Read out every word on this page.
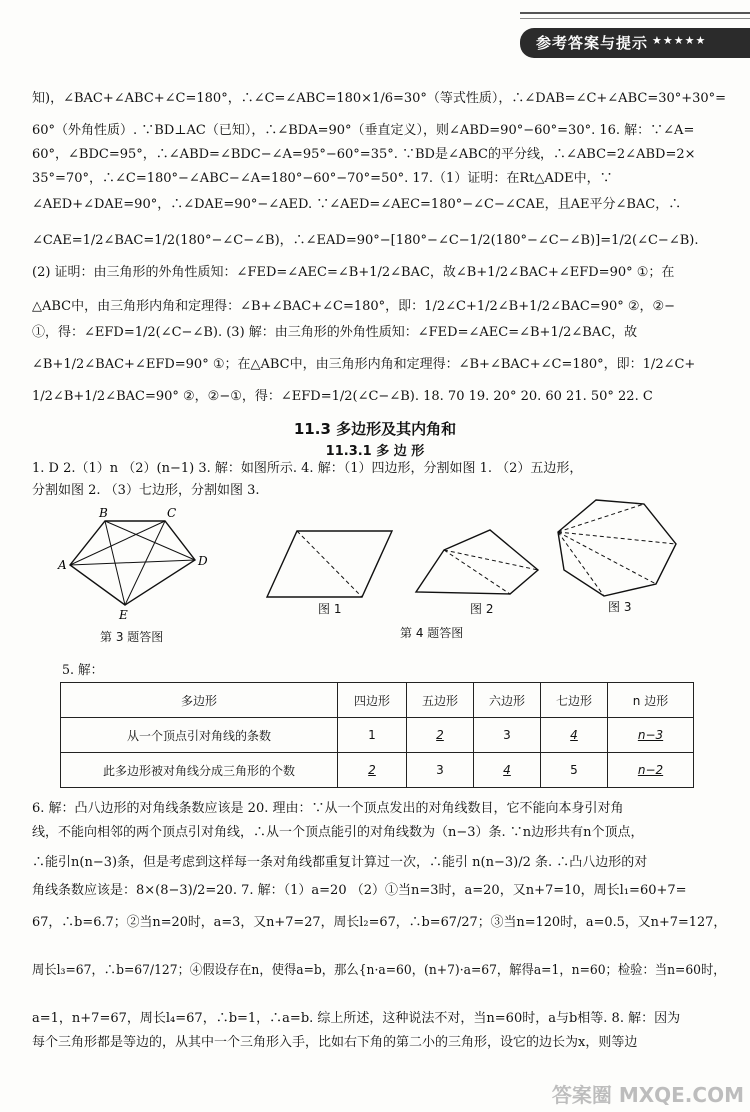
参考答案与提示 ★★★★★
知)，∠BAC+∠ABC+∠C=180°，∴∠C=∠ABC=180×1/6=30°（等式性质），∴∠DAB=∠C+∠ABC=30°+30°=
60°（外角性质）. ∵BD⊥AC（已知），∴∠BDA=90°（垂直定义），则∠ABD=90°−60°=30°. 16. 解：∵∠A=
60°，∠BDC=95°，∴∠ABD=∠BDC−∠A=95°−60°=35°. ∵BD是∠ABC的平分线，∴∠ABC=2∠ABD=2×
35°=70°，∴∠C=180°−∠ABC−∠A=180°−60°−70°=50°. 17.（1）证明：在Rt△ADE中，∵
∠AED+∠DAE=90°，∴∠DAE=90°−∠AED. ∵∠AED=∠AEC=180°−∠C−∠CAE，且AE平分∠BAC，∴
∠CAE=1/2∠BAC=1/2(180°−∠C−∠B)，∴∠EAD=90°−[180°−∠C−1/2(180°−∠C−∠B)]=1/2(∠C−∠B).
(2) 证明：由三角形的外角性质知：∠FED=∠AEC=∠B+1/2∠BAC，故∠B+1/2∠BAC+∠EFD=90° ①；在
△ABC中，由三角形内角和定理得：∠B+∠BAC+∠C=180°，即：1/2∠C+1/2∠B+1/2∠BAC=90° ②，②−
①，得：∠EFD=1/2(∠C−∠B). (3) 解：由三角形的外角性质知：∠FED=∠AEC=∠B+1/2∠BAC，故
∠B+1/2∠BAC+∠EFD=90° ①；在△ABC中，由三角形内角和定理得：∠B+∠BAC+∠C=180°，即：1/2∠C+
1/2∠B+1/2∠BAC=90° ②，②−①，得：∠EFD=1/2(∠C−∠B). 18. 70 19. 20° 20. 60 21. 50° 22. C
11.3 多边形及其内角和
11.3.1 多 边 形
1. D 2.（1）n （2）(n−1) 3. 解：如图所示. 4. 解：（1）四边形，分割如图 1. （2）五边形，
分割如图 2. （3）七边形，分割如图 3.
A
B	C
D
E	图 1	图 2	图 3
第 3 题答图	第 4 题答图
5. 解：
多边形	四边形	五边形	六边形	七边形	n 边形
从一个顶点引对角线的条数	1	2	3	4	n−3
此多边形被对角线分成三角形的个数	2	3	4	5	n−2
6. 解：凸八边形的对角线条数应该是 20. 理由：∵从一个顶点发出的对角线数目，它不能向本身引对角
线，不能向相邻的两个顶点引对角线，∴从一个顶点能引的对角线数为（n−3）条. ∵n边形共有n个顶点，
∴能引n(n−3)条，但是考虑到这样每一条对角线都重复计算过一次，∴能引 n(n−3)/2 条. ∴凸八边形的对
角线条数应该是：8×(8−3)/2=20. 7. 解：（1）a=20 （2）①当n=3时，a=20，又n+7=10，周长l₁=60+7=
67，∴b=6.7；②当n=20时，a=3，又n+7=27，周长l₂=67，∴b=67/27；③当n=120时，a=0.5，又n+7=127，
周长l₃=67，∴b=67/127；④假设存在n，使得a=b，那么{n·a=60，(n+7)·a=67，解得a=1，n=60；检验：当n=60时，
a=1，n+7=67，周长l₄=67，∴b=1，∴a=b. 综上所述，这种说法不对，当n=60时，a与b相等. 8. 解：因为
每个三角形都是等边的，从其中一个三角形入手，比如右下角的第二小的三角形，设它的边长为x，则等边
答案圈 MXQE.COM
